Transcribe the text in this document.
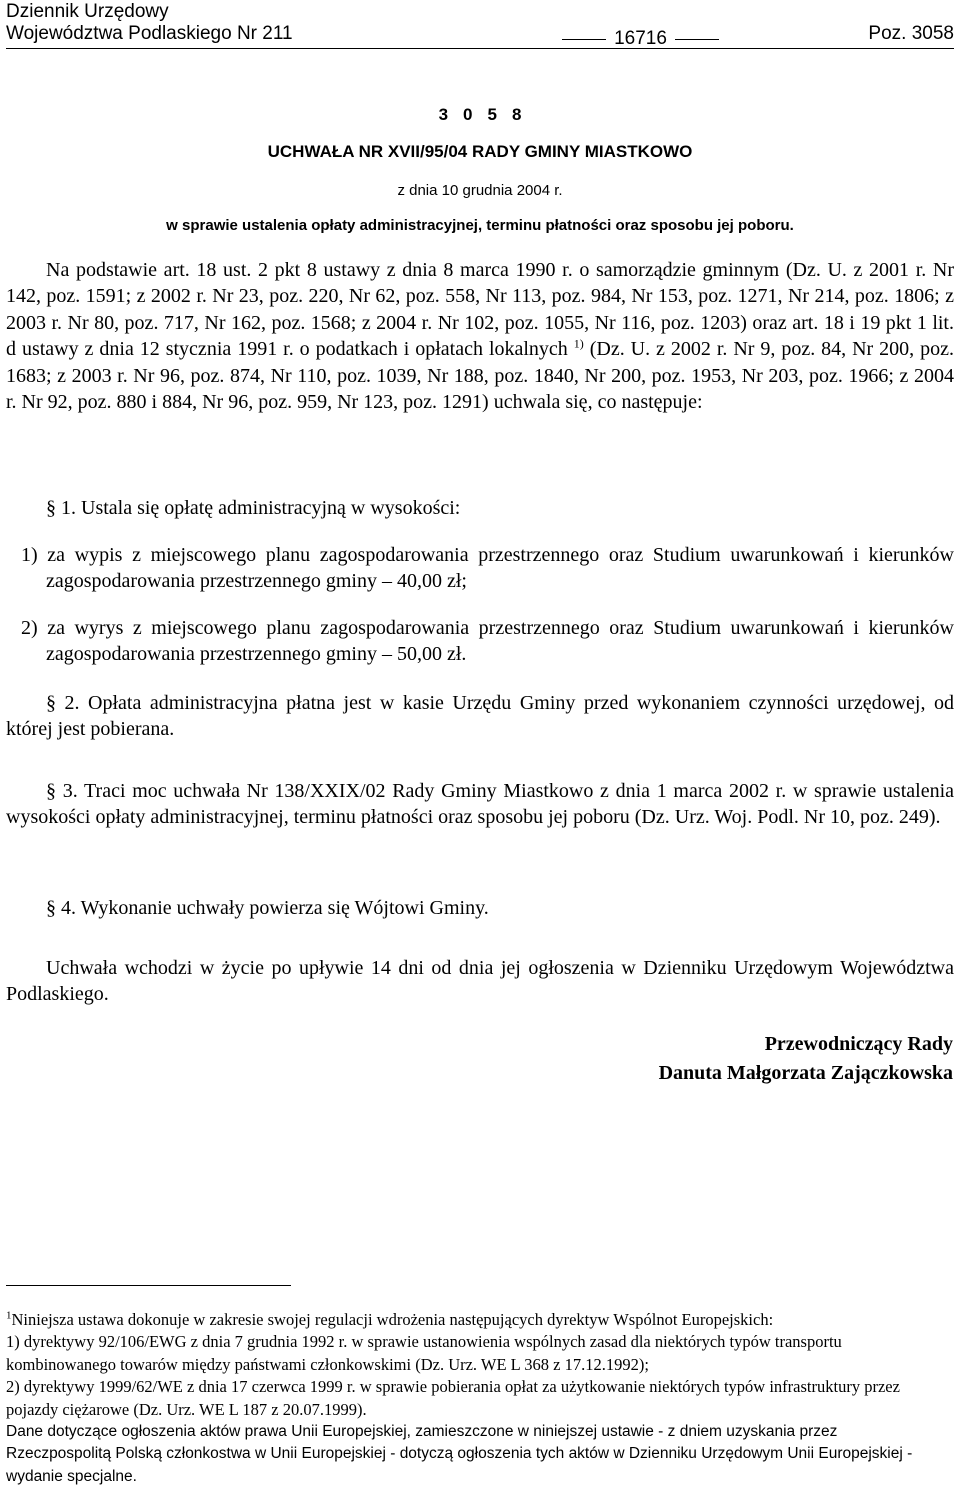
Dziennik Urzędowy
Województwa Podlaskiego Nr 211	16716	Poz. 3058
3058
UCHWAŁA NR XVII/95/04 RADY GMINY MIASTKOWO
z dnia 10 grudnia 2004 r.
w sprawie ustalenia opłaty administracyjnej, terminu płatności oraz sposobu jej poboru.
Na podstawie art. 18 ust. 2 pkt 8 ustawy z dnia 8 marca 1990 r. o samorządzie gminnym (Dz. U. z 2001 r. Nr 142, poz. 1591; z 2002 r. Nr 23, poz. 220, Nr 62, poz. 558, Nr 113, poz. 984, Nr 153, poz. 1271, Nr 214, poz. 1806; z 2003 r. Nr 80, poz. 717, Nr 162, poz. 1568; z 2004 r. Nr 102, poz. 1055, Nr 116, poz. 1203) oraz art. 18 i 19 pkt 1 lit. d ustawy z dnia 12 stycznia 1991 r. o podatkach i opłatach lokalnych $^{1)}$ (Dz. U. z 2002 r. Nr 9, poz. 84, Nr 200, poz. 1683; z 2003 r. Nr 96, poz. 874, Nr 110, poz. 1039, Nr 188, poz. 1840, Nr 200, poz. 1953, Nr 203, poz. 1966; z 2004 r. Nr 92, poz. 880 i 884, Nr 96, poz. 959, Nr 123, poz. 1291) uchwala się, co następuje:
§ 1. Ustala się opłatę administracyjną w wysokości:
1) za wypis z miejscowego planu zagospodarowania przestrzennego oraz Studium uwarunkowań i kierunków zagospodarowania przestrzennego gminy – 40,00 zł;
2) za wyrys z miejscowego planu zagospodarowania przestrzennego oraz Studium uwarunkowań i kierunków zagospodarowania przestrzennego gminy – 50,00 zł.
§ 2. Opłata administracyjna płatna jest w kasie Urzędu Gminy przed wykonaniem czynności urzędowej, od której jest pobierana.
§ 3. Traci moc uchwała Nr 138/XXIX/02 Rady Gminy Miastkowo z dnia 1 marca 2002 r. w sprawie ustalenia wysokości opłaty administracyjnej, terminu płatności oraz sposobu jej poboru (Dz. Urz. Woj. Podl. Nr 10, poz. 249).
§ 4. Wykonanie uchwały powierza się Wójtowi Gminy.
Uchwała wchodzi w życie po upływie 14 dni od dnia jej ogłoszenia w Dzienniku Urzędowym Województwa Podlaskiego.
Przewodniczący Rady
Danuta Małgorzata Zajączkowska
$^1$Niniejsza ustawa dokonuje w zakresie swojej regulacji wdrożenia następujących dyrektyw Wspólnot Europejskich:
1) dyrektywy 92/106/EWG z dnia 7 grudnia 1992 r. w sprawie ustanowienia wspólnych zasad dla niektórych typów transportu kombinowanego towarów między państwami członkowskimi (Dz. Urz. WE L 368 z 17.12.1992);
2) dyrektywy 1999/62/WE z dnia 17 czerwca 1999 r. w sprawie pobierania opłat za użytkowanie niektórych typów infrastruktury przez pojazdy ciężarowe (Dz. Urz. WE L 187 z 20.07.1999).
Dane dotyczące ogłoszenia aktów prawa Unii Europejskiej, zamieszczone w niniejszej ustawie - z dniem uzyskania przez Rzeczpospolitą Polską członkostwa w Unii Europejskiej - dotyczą ogłoszenia tych aktów w Dzienniku Urzędowym Unii Europejskiej - wydanie specjalne.
